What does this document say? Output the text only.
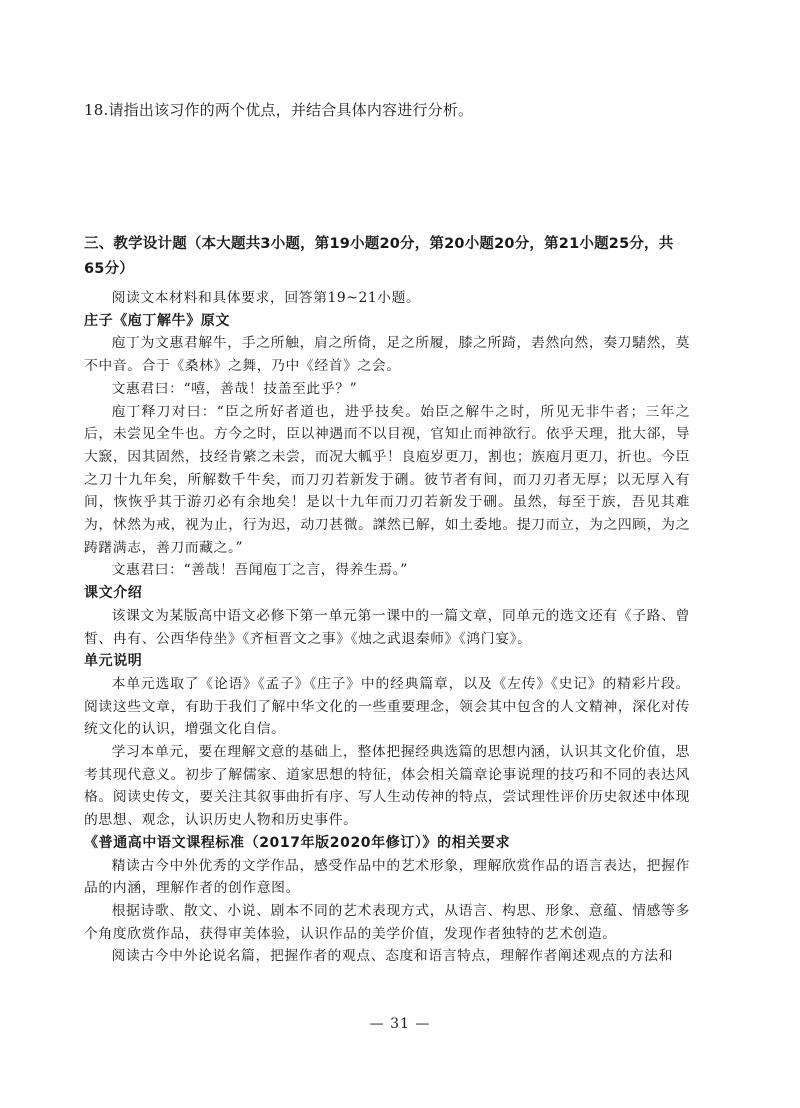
18.请指出该习作的两个优点，并结合具体内容进行分析。
三、教学设计题（本大题共3小题，第19小题20分，第20小题20分，第21小题25分，共65分）

阅读文本材料和具体要求，回答第19~21小题。

庄子《庖丁解牛》原文

庖丁为文惠君解牛，手之所触，肩之所倚，足之所履，膝之所踦，砉然向然，奏刀騞然，莫不中音。合于《桑林》之舞，乃中《经首》之会。

文惠君曰：“嘻，善哉！技盖至此乎？”

庖丁释刀对曰：“臣之所好者道也，进乎技矣。始臣之解牛之时，所见无非牛者；三年之后，未尝见全牛也。方今之时，臣以神遇而不以目视，官知止而神欲行。依乎天理，批大郤，导大窾，因其固然，技经肯綮之未尝，而况大軱乎！良庖岁更刀，割也；族庖月更刀，折也。今臣之刀十九年矣，所解数千牛矣，而刀刃若新发于硎。彼节者有间，而刀刃者无厚；以无厚入有间，恢恢乎其于游刃必有余地矣！是以十九年而刀刃若新发于硎。虽然，每至于族，吾见其难为，怵然为戒，视为止，行为迟，动刀甚微。謋然已解，如土委地。提刀而立，为之四顾，为之踌躇满志，善刀而藏之。”

文惠君曰：“善哉！吾闻庖丁之言，得养生焉。”

课文介绍

该课文为某版高中语文必修下第一单元第一课中的一篇文章，同单元的选文还有《子路、曾皙、冉有、公西华侍坐》《齐桓晋文之事》《烛之武退秦师》《鸿门宴》。

单元说明

本单元选取了《论语》《孟子》《庄子》中的经典篇章，以及《左传》《史记》的精彩片段。阅读这些文章，有助于我们了解中华文化的一些重要理念，领会其中包含的人文精神，深化对传统文化的认识，增强文化自信。

学习本单元，要在理解文意的基础上，整体把握经典选篇的思想内涵，认识其文化价值，思考其现代意义。初步了解儒家、道家思想的特征，体会相关篇章论事说理的技巧和不同的表达风格。阅读史传文，要关注其叙事曲折有序、写人生动传神的特点，尝试理性评价历史叙述中体现的思想、观念，认识历史人物和历史事件。

《普通高中语文课程标准（2017年版2020年修订）》的相关要求

精读古今中外优秀的文学作品，感受作品中的艺术形象，理解欣赏作品的语言表达，把握作品的内涵，理解作者的创作意图。

根据诗歌、散文、小说、剧本不同的艺术表现方式，从语言、构思、形象、意蕴、情感等多个角度欣赏作品，获得审美体验，认识作品的美学价值，发现作者独特的艺术创造。

阅读古今中外论说名篇，把握作者的观点、态度和语言特点，理解作者阐述观点的方法和

— 31 —
